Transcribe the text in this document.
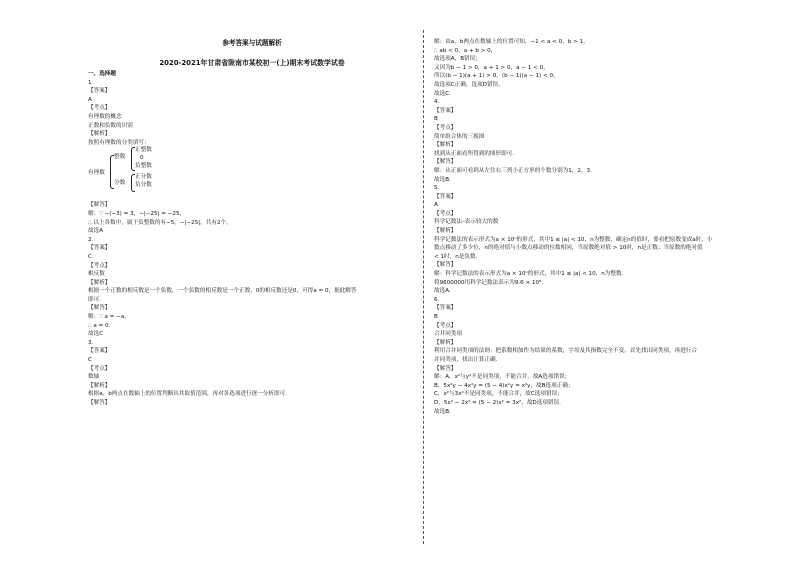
参考答案与试题解析
2020-2021年甘肃省陇南市某校初一(上)期末考试数学试卷
一、选择题
1.
【答案】
A
【考点】
有理数的概念
正数和负数的识别
【解析】
按照有理数的分类填写：
有理数
整数
分数
正整数
0
负整数
正分数
负分数
【解答】
解：∵ −(−3) = 3，−|−25| = −25，
∴ 以上各数中，属于负整数的有−5，−|−25|，共有2个。
故选A
2.
【答案】
C
【考点】
相反数
【解析】
根据一个正数的相反数是一个负数，一个负数的相反数是一个正数，0的相反数还是0，可得a = 0，据此解答
即可.
【解答】
解：∵ a = −a，
∴ a = 0.
故选C
3.
【答案】
C
【考点】
数轴
【解析】
根据a，b两点在数轴上的位置判断出其取值范围，再对各选项进行逐一分析即可.
【解答】
解：由a，b两点在数轴上的位置可知，−1 < a < 0，b > 1，
∴ ab < 0，a + b > 0，
故选项A，B错误；
又因为b − 1 > 0，a + 1 > 0，a − 1 < 0，
所以(b − 1)(a + 1) > 0，(b − 1)(a − 1) < 0，
故选项C正确，选项D错误。
故选C.
4.
【答案】
B
【考点】
简单组合体的三视图
【解析】
找到从正面看所得到的图形即可.
【解答】
解：从正面可看到从左往右三列小正方形的个数分别为1，2，3.
故选B.
5.
【答案】
A
【考点】
科学记数法–表示较大的数
【解析】
科学记数法的表示形式为a × 10ⁿ的形式，其中1 ≤ |a| < 10，n为整数，确定n的值时，要看把原数变成a时，小
数点移动了多少位，n的绝对值与小数点移动的位数相同，当原数绝对值 > 10时，n是正数；当原数的绝对值
< 1时，n是负数.
【解答】
解：科学记数法的表示形式为a × 10ⁿ的形式，其中1 ≤ |a| < 10，n为整数.
将9600000用科学记数法表示为9.6 × 10⁶.
故选A.
6.
【答案】
B
【考点】
合并同类项
【解析】
利用合并同类项的法则：把系数相加作为结果的系数，字母及其指数完全不变，首先找出同类项，再进行合
并同类项，找出计算正确.
【解答】
解：A，x²与y²不是同类项，不能合并，故A选项错误；
B，5x²y − 4x²y = (5 − 4)x²y = x²y，故B选项正确；
C，x²与3x²不是同类项，不能合并，故C选项错误；
D，5x² − 2x² = (5 − 2)x² = 3x²，故D选项错误.
故选B.
